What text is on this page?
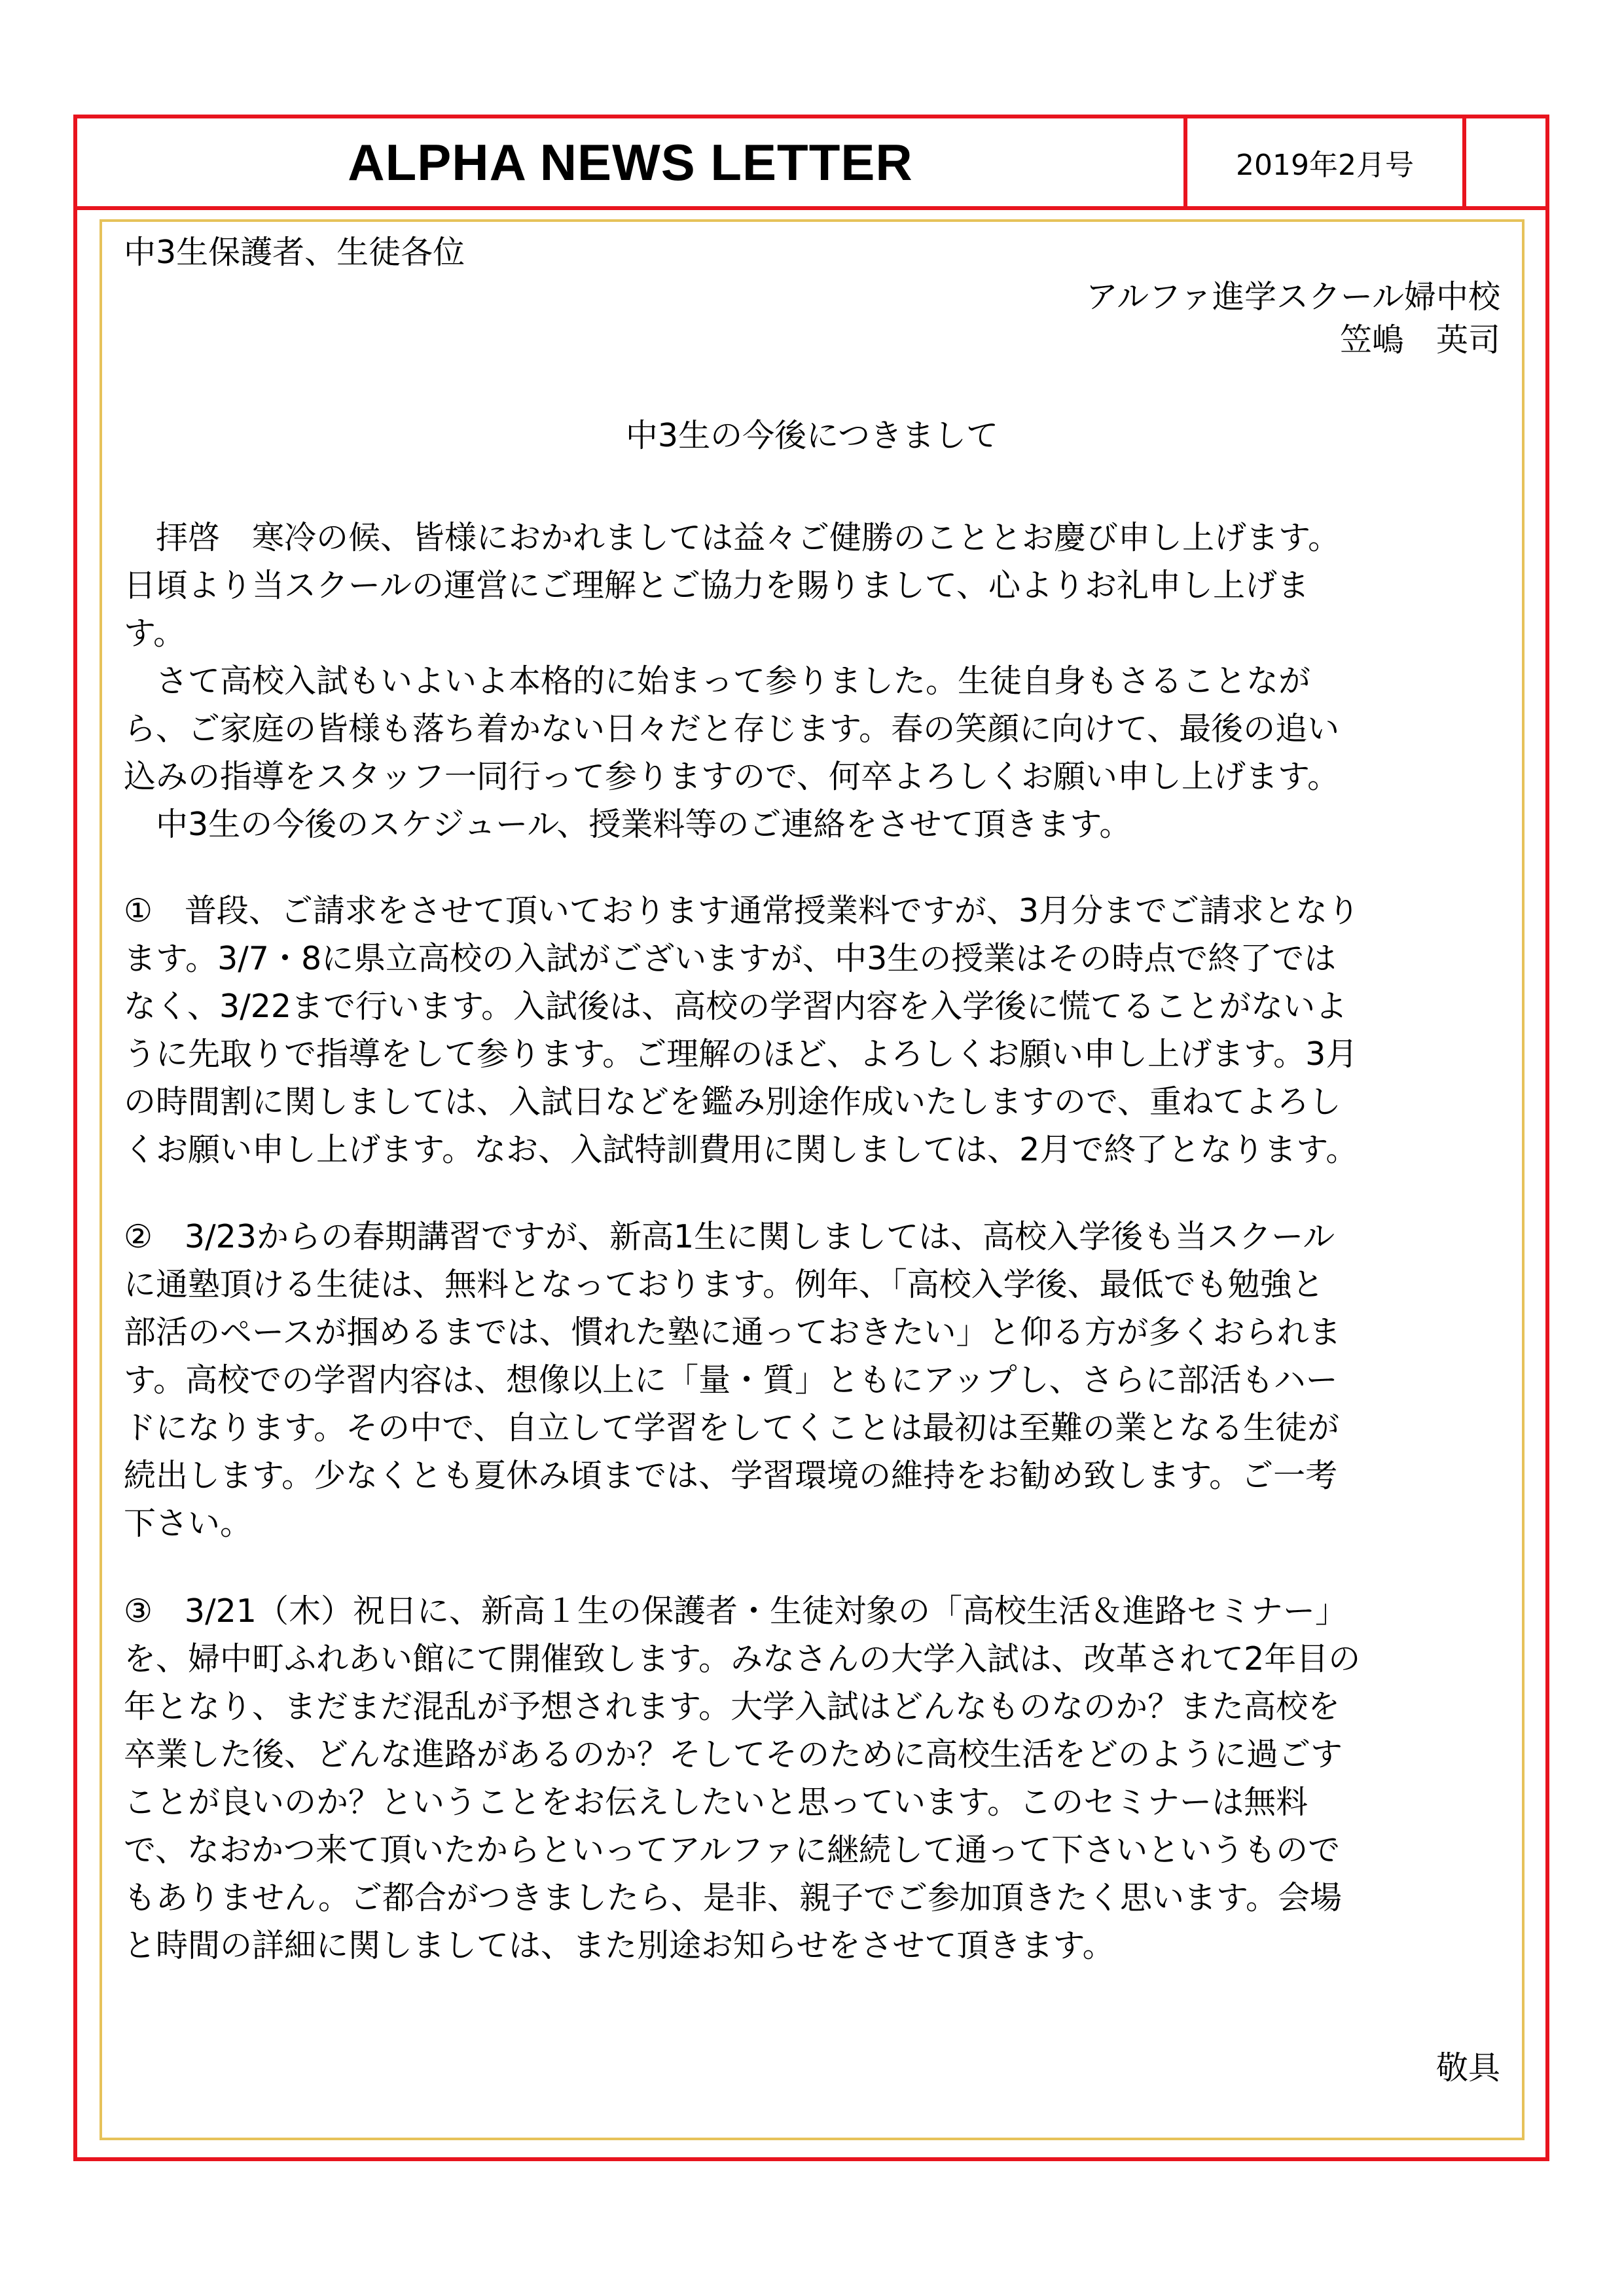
ALPHA NEWS LETTER	2019年2月号
中3生保護者、生徒各位
アルファ進学スクール婦中校
笠嶋　英司
中3生の今後につきまして
　拝啓　寒冷の候、皆様におかれましては益々ご健勝のこととお慶び申し上げます。
日頃より当スクールの運営にご理解とご協力を賜りまして、心よりお礼申し上げま
す。
　さて高校入試もいよいよ本格的に始まって参りました。生徒自身もさることなが
ら、ご家庭の皆様も落ち着かない日々だと存じます。春の笑顔に向けて、最後の追い
込みの指導をスタッフ一同行って参りますので、何卒よろしくお願い申し上げます。
　中3生の今後のスケジュール、授業料等のご連絡をさせて頂きます。
①　普段、ご請求をさせて頂いております通常授業料ですが、3月分までご請求となり
ます。3/7・8に県立高校の入試がございますが、中3生の授業はその時点で終了では
なく、3/22まで行います。入試後は、高校の学習内容を入学後に慌てることがないよ
うに先取りで指導をして参ります。ご理解のほど、よろしくお願い申し上げます。3月
の時間割に関しましては、入試日などを鑑み別途作成いたしますので、重ねてよろし
くお願い申し上げます。なお、入試特訓費用に関しましては、2月で終了となります。
②　3/23からの春期講習ですが、新高1生に関しましては、高校入学後も当スクール
に通塾頂ける生徒は、無料となっております。例年、「高校入学後、最低でも勉強と
部活のペースが掴めるまでは、慣れた塾に通っておきたい」と仰る方が多くおられま
す。高校での学習内容は、想像以上に「量・質」ともにアップし、さらに部活もハー
ドになります。その中で、自立して学習をしてくことは最初は至難の業となる生徒が
続出します。少なくとも夏休み頃までは、学習環境の維持をお勧め致します。ご一考
下さい。
③　3/21（木）祝日に、新高１生の保護者・生徒対象の「高校生活＆進路セミナー」
を、婦中町ふれあい館にて開催致します。みなさんの大学入試は、改革されて2年目の
年となり、まだまだ混乱が予想されます。大学入試はどんなものなのか？また高校を
卒業した後、どんな進路があるのか？そしてそのために高校生活をどのように過ごす
ことが良いのか？ということをお伝えしたいと思っています。このセミナーは無料
で、なおかつ来て頂いたからといってアルファに継続して通って下さいというもので
もありません。ご都合がつきましたら、是非、親子でご参加頂きたく思います。会場
と時間の詳細に関しましては、また別途お知らせをさせて頂きます。
敬具
